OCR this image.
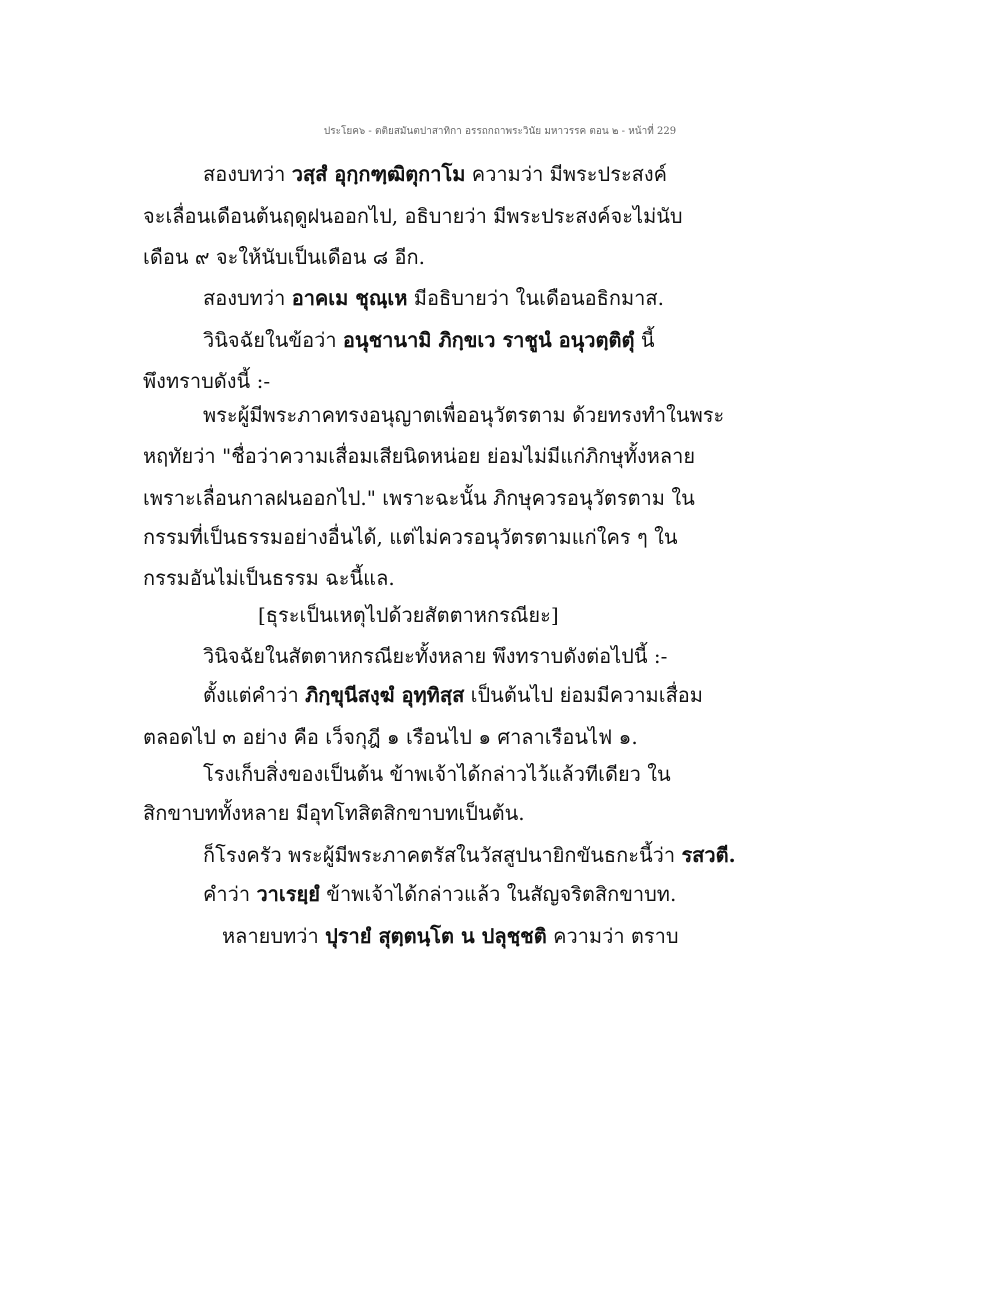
ประโยค๖ - ตติยสมันตปาสาทิกา อรรถกถาพระวินัย มหาวรรค ตอน ๒ - หน้าที่ 229
สองบทว่า วสฺสํ อุกฺกฑฺฒิตุกาโม ความว่า มีพระประสงค์
จะเลื่อนเดือนต้นฤดูฝนออกไป, อธิบายว่า มีพระประสงค์จะไม่นับ
เดือน ๙ จะให้นับเป็นเดือน ๘ อีก.
สองบทว่า อาคเม ชุณฺเห มีอธิบายว่า ในเดือนอธิกมาส.
วินิจฉัยในข้อว่า อนุชานามิ ภิกฺขเว ราชูนํ อนุวตฺติตุํ นี้
พึงทราบดังนี้ :-
พระผู้มีพระภาคทรงอนุญาตเพื่ออนุวัตรตาม ด้วยทรงทำในพระ
หฤทัยว่า "ชื่อว่าความเสื่อมเสียนิดหน่อย ย่อมไม่มีแก่ภิกษุทั้งหลาย
เพราะเลื่อนกาลฝนออกไป." เพราะฉะนั้น ภิกษุควรอนุวัตรตาม ใน
กรรมที่เป็นธรรมอย่างอื่นได้, แต่ไม่ควรอนุวัตรตามแก่ใคร ๆ ใน
กรรมอันไม่เป็นธรรม ฉะนี้แล.
[ธุระเป็นเหตุไปด้วยสัตตาหกรณียะ]
วินิจฉัยในสัตตาหกรณียะทั้งหลาย พึงทราบดังต่อไปนี้ :-
ตั้งแต่คำว่า ภิกฺขุนีสงฺฆํ อุทฺทิสฺส เป็นต้นไป ย่อมมีความเสื่อม
ตลอดไป ๓ อย่าง คือ เว็จกุฎี ๑ เรือนไป ๑ ศาลาเรือนไฟ ๑.
โรงเก็บสิ่งของเป็นต้น ข้าพเจ้าได้กล่าวไว้แล้วทีเดียว ใน
สิกขาบททั้งหลาย มีอุทโทสิตสิกขาบทเป็นต้น.
ก็โรงครัว พระผู้มีพระภาคตรัสในวัสสูปนายิกขันธกะนี้ว่า รสวตี.
คำว่า วาเรยฺยํ ข้าพเจ้าได้กล่าวแล้ว ในสัญจริตสิกขาบท.
หลายบทว่า ปุรายํ สุตฺตนฺโต น ปลุชฺชติ ความว่า ตราบ
